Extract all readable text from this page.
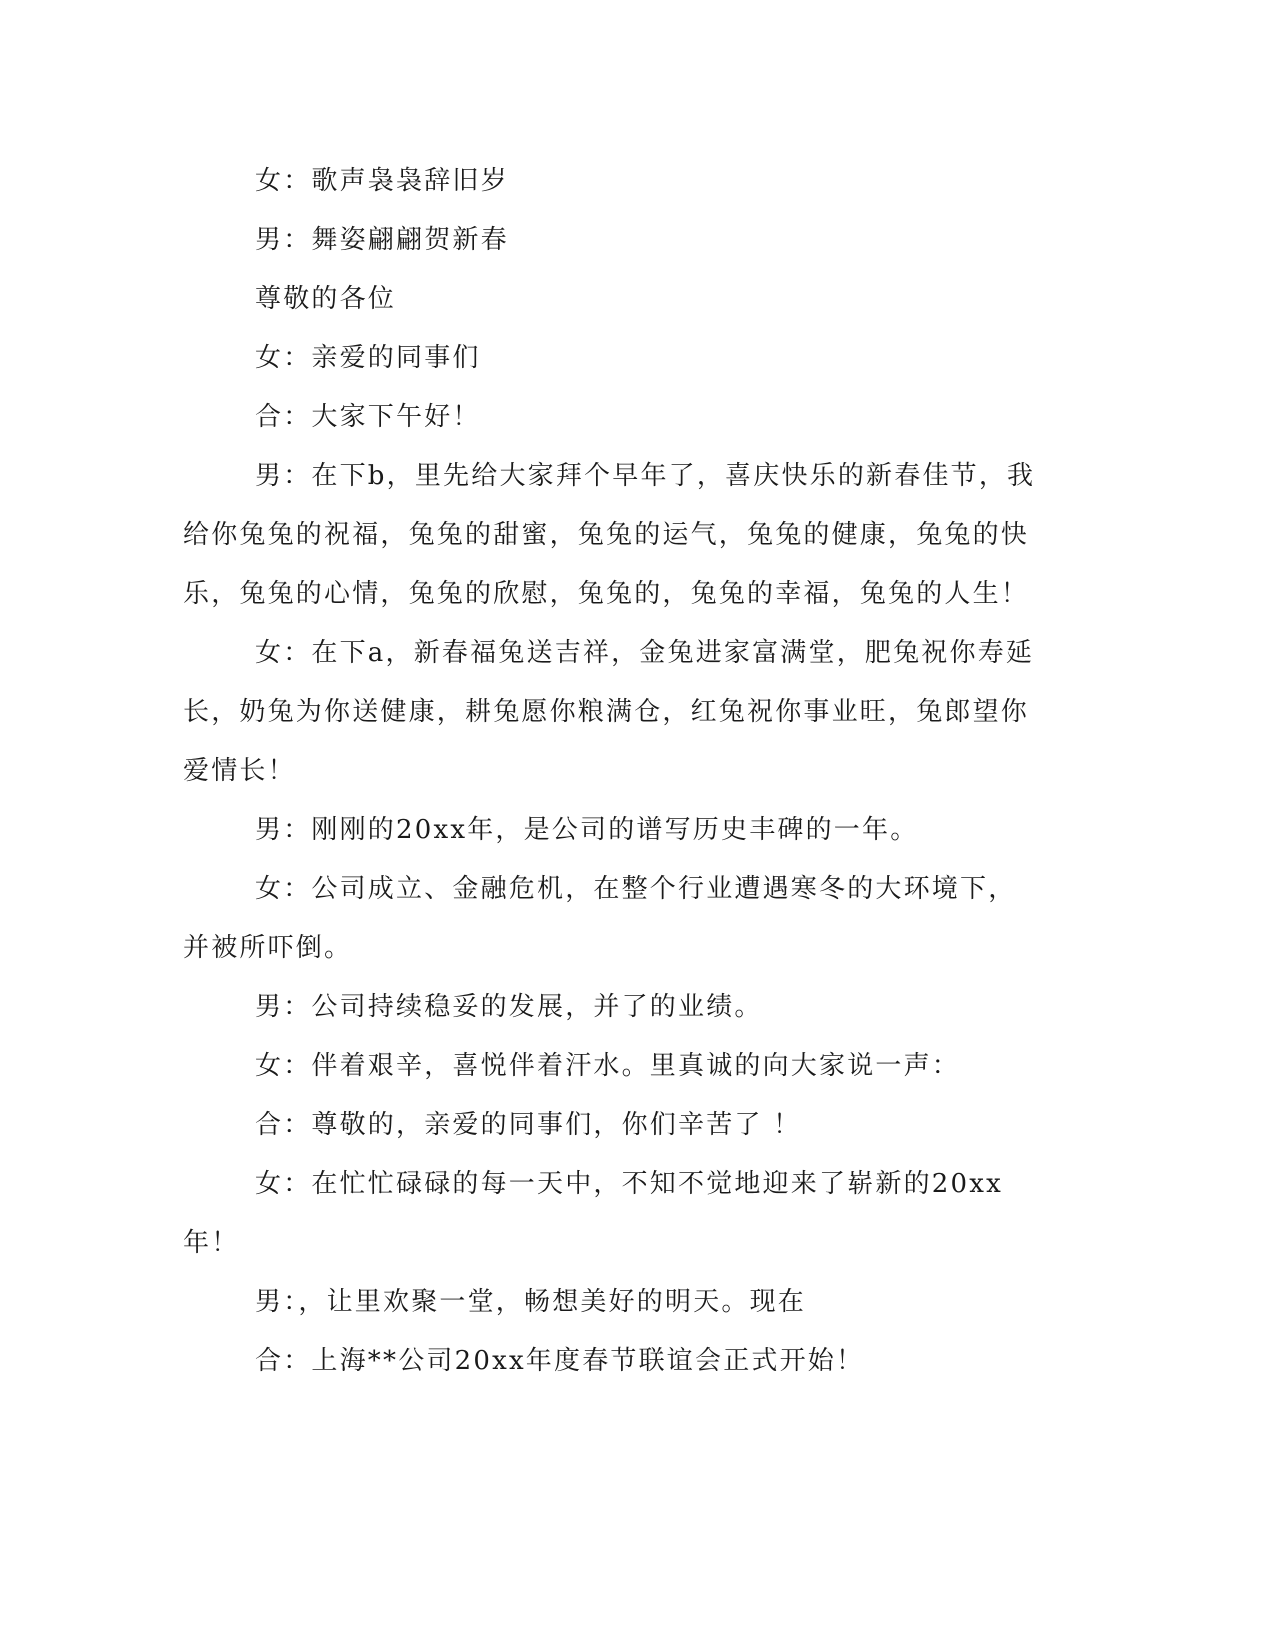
女：歌声袅袅辞旧岁

男：舞姿翩翩贺新春

尊敬的各位

女：亲爱的同事们

合：大家下午好！

男：在下b，里先给大家拜个早年了，喜庆快乐的新春佳节，我给你兔兔的祝福，兔兔的甜蜜，兔兔的运气，兔兔的健康，兔兔的快乐，兔兔的心情，兔兔的欣慰，兔兔的，兔兔的幸福，兔兔的人生！

女：在下a，新春福兔送吉祥，金兔进家富满堂，肥兔祝你寿延长，奶兔为你送健康，耕兔愿你粮满仓，红兔祝你事业旺，兔郎望你爱情长！

男：刚刚的20xx年，是公司的谱写历史丰碑的一年。

女：公司成立、金融危机，在整个行业遭遇寒冬的大环境下，并被所吓倒。

男：公司持续稳妥的发展，并了的业绩。

女：伴着艰辛，喜悦伴着汗水。里真诚的向大家说一声：

合：尊敬的，亲爱的同事们，你们辛苦了 ！

女：在忙忙碌碌的每一天中，不知不觉地迎来了崭新的20xx年！

男：，让里欢聚一堂，畅想美好的明天。现在

合：上海**公司20xx年度春节联谊会正式开始！
